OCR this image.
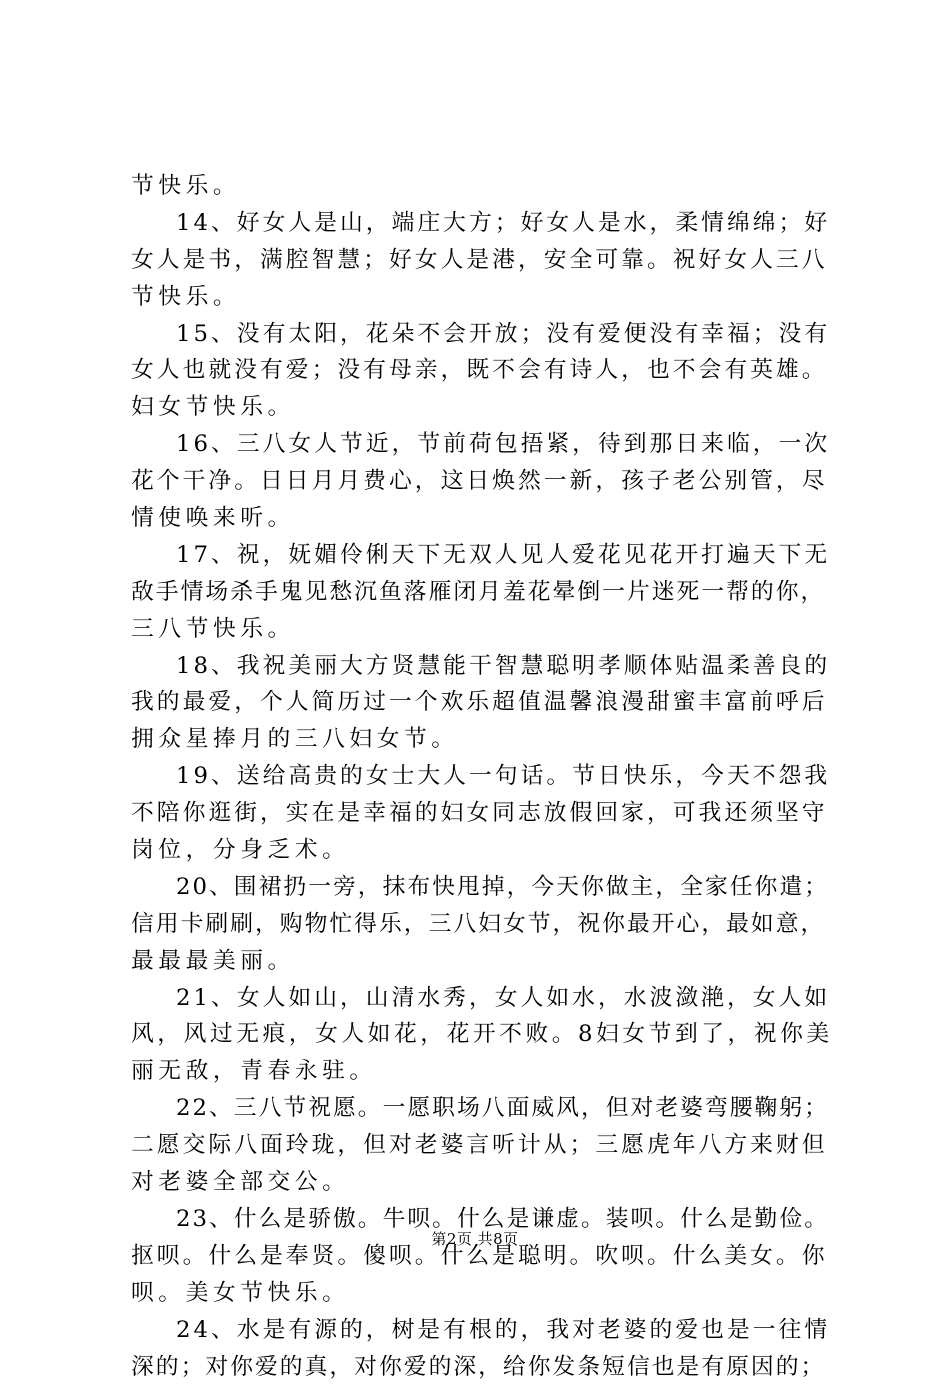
节快乐。
14、好女人是山，端庄大方；好女人是水，柔情绵绵；好
女人是书，满腔智慧；好女人是港，安全可靠。祝好女人三八
节快乐。
15、没有太阳，花朵不会开放；没有爱便没有幸福；没有
女人也就没有爱；没有母亲，既不会有诗人，也不会有英雄。
妇女节快乐。
16、三八女人节近，节前荷包捂紧，待到那日来临，一次
花个干净。日日月月费心，这日焕然一新，孩子老公别管，尽
情使唤来听。
17、祝，妩媚伶俐天下无双人见人爱花见花开打遍天下无
敌手情场杀手鬼见愁沉鱼落雁闭月羞花晕倒一片迷死一帮的你，
三八节快乐。
18、我祝美丽大方贤慧能干智慧聪明孝顺体贴温柔善良的
我的最爱，个人简历过一个欢乐超值温馨浪漫甜蜜丰富前呼后
拥众星捧月的三八妇女节。
19、送给高贵的女士大人一句话。节日快乐，今天不怨我
不陪你逛街，实在是幸福的妇女同志放假回家，可我还须坚守
岗位，分身乏术。
20、围裙扔一旁，抹布快甩掉，今天你做主，全家任你遣；
信用卡刷刷，购物忙得乐，三八妇女节，祝你最开心，最如意，
最最最美丽。
21、女人如山，山清水秀，女人如水，水波潋滟，女人如
风，风过无痕，女人如花，花开不败。8妇女节到了，祝你美
丽无敌，青春永驻。
22、三八节祝愿。一愿职场八面威风，但对老婆弯腰鞠躬；
二愿交际八面玲珑，但对老婆言听计从；三愿虎年八方来财但
对老婆全部交公。
23、什么是骄傲。牛呗。什么是谦虚。装呗。什么是勤俭。
抠呗。什么是奉贤。傻呗。什么是聪明。吹呗。什么美女。你
呗。美女节快乐。
24、水是有源的，树是有根的，我对老婆的爱也是一往情
深的；对你爱的真，对你爱的深，给你发条短信也是有原因的；
第2页 共8页
